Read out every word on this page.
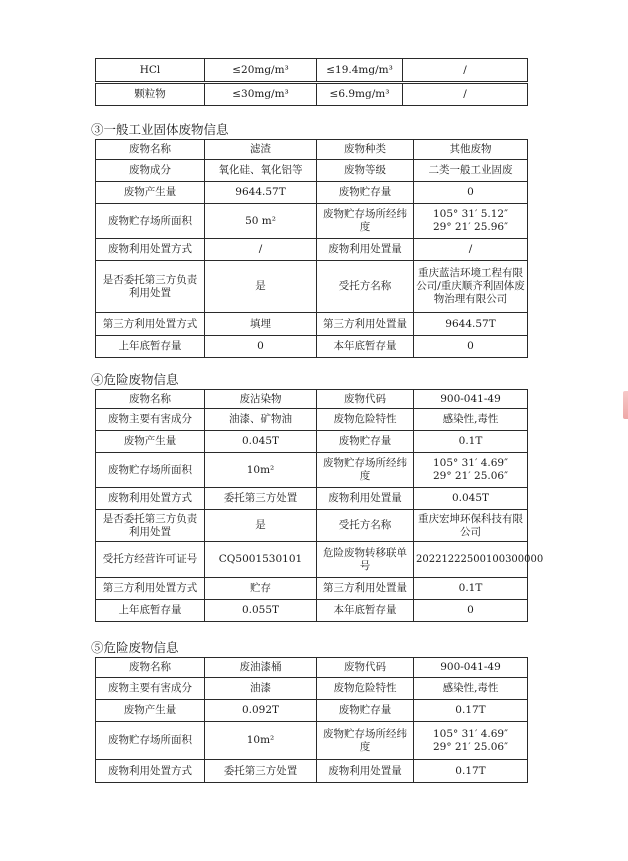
HCl	≤20mg/m³	≤19.4mg/m³	/
颗粒物	≤30mg/m³	≤6.9mg/m³	/
③一般工业固体废物信息
废物名称	滤渣	废物种类	其他废物
废物成分	氧化硅、氧化铝等	废物等级	二类一般工业固废
废物产生量	9644.57T	废物贮存量	0
废物贮存场所面积	50 m²	废物贮存场所经纬度	105° 31′ 5.12″
29° 21′ 25.96″

废物利用处置方式	/	废物利用处置量	/
是否委托第三方负责利用处置	是	受托方名称	重庆蓝洁环境工程有限公司/重庆顺齐利固体废物治理有限公司
第三方利用处置方式	填埋	第三方利用处置量	9644.57T
上年底暂存量	0	本年底暂存量	0
④危险废物信息
废物名称	废沾染物	废物代码	900-041-49
废物主要有害成分	油漆、矿物油	废物危险特性	感染性,毒性
废物产生量	0.045T	废物贮存量	0.1T
废物贮存场所面积	10m²	废物贮存场所经纬度	105° 31′ 4.69″
29° 21′ 25.06″

废物利用处置方式	委托第三方处置	废物利用处置量	0.045T
是否委托第三方负责利用处置	是	受托方名称	重庆宏坤环保科技有限公司
受托方经营许可证号	CQ5001530101	危险废物转移联单号	20221222500100300000
第三方利用处置方式	贮存	第三方利用处置量	0.1T
上年底暂存量	0.055T	本年底暂存量	0
⑤危险废物信息
废物名称	废油漆桶	废物代码	900-041-49
废物主要有害成分	油漆	废物危险特性	感染性,毒性
废物产生量	0.092T	废物贮存量	0.17T
废物贮存场所面积	10m²	废物贮存场所经纬度	105° 31′ 4.69″
29° 21′ 25.06″

废物利用处置方式	委托第三方处置	废物利用处置量	0.17T
